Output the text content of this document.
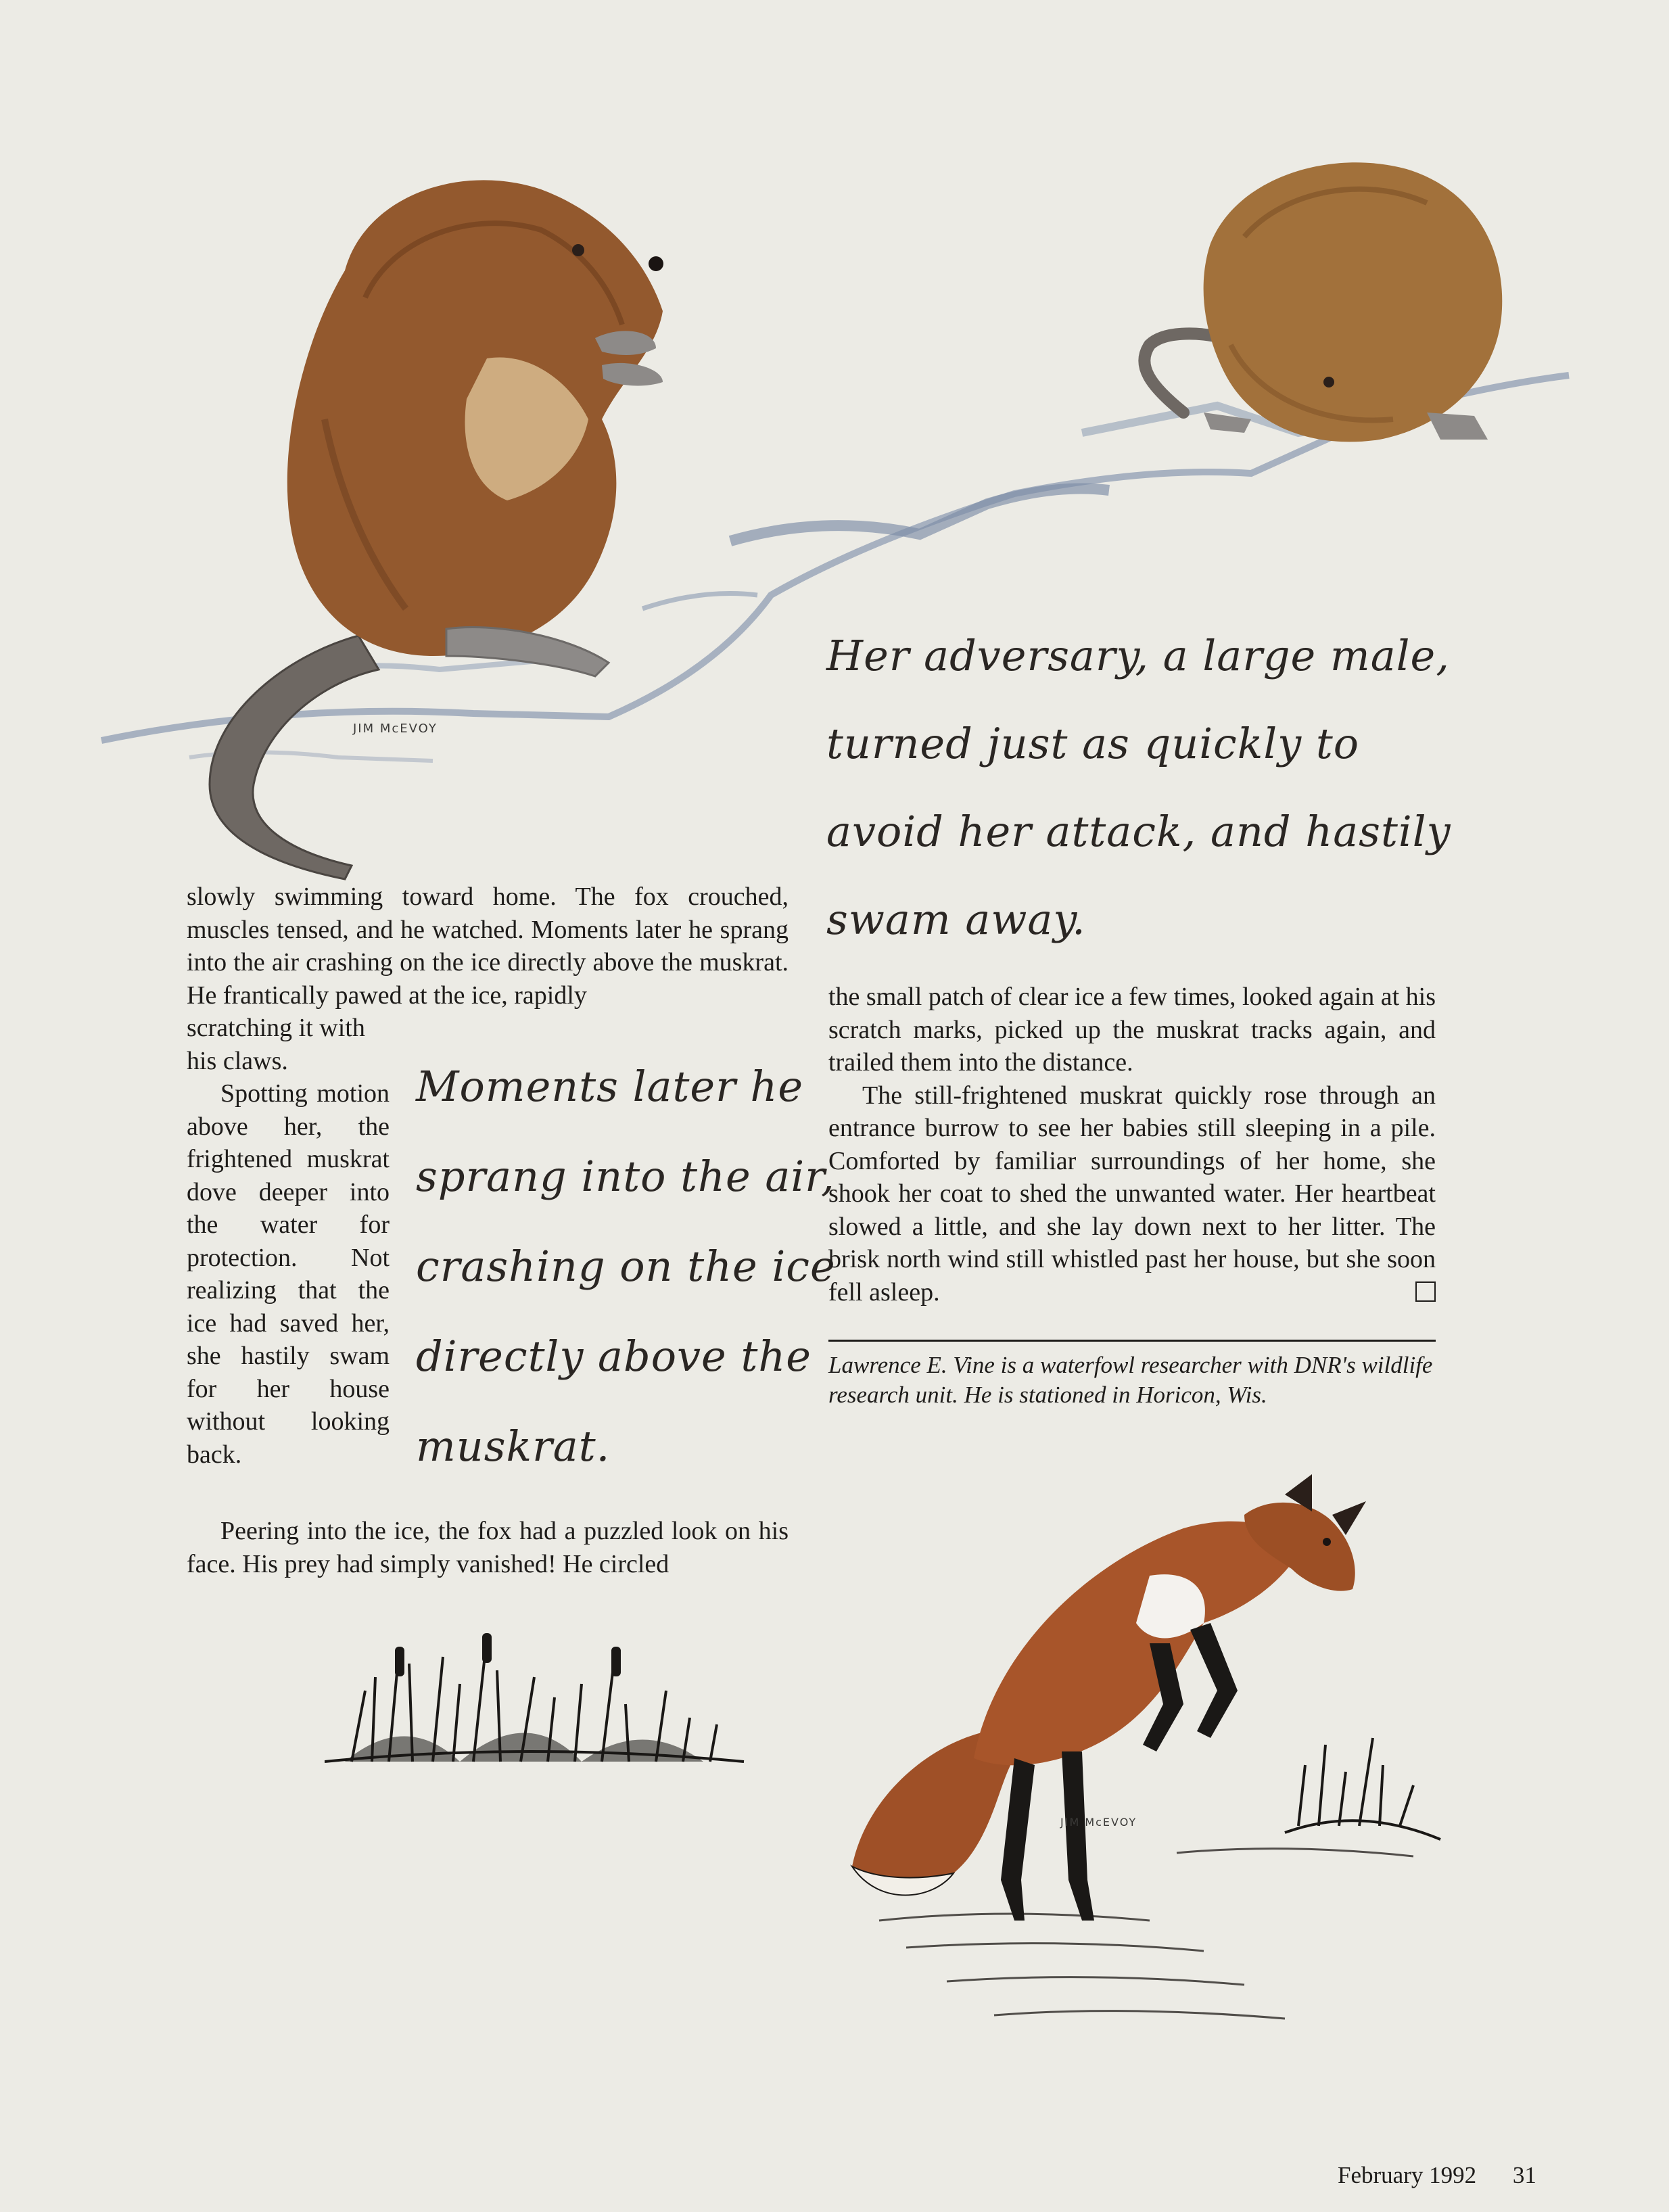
JIM McEVOY
JIM McEVOY

slowly swimming toward home. The fox crouched, muscles tensed, and he watched. Moments later he sprang into the air crashing on the ice directly above the muskrat. He frantically pawed at the ice, rapidly

scratching it with his claws.

Spotting motion above her, the frightened muskrat dove deeper into the water for protection. Not realizing that the ice had saved her, she hastily swam for her house without looking back.

Peering into the ice, the fox had a puzzled look on his face. His prey had simply vanished! He circled

Her adversary, a large male,
turned just as quickly to
avoid her attack, and hastily
swam away.
Moments later he
sprang into the air,
crashing on the ice
directly above the
muskrat.

the small patch of clear ice a few times, looked again at his scratch marks, picked up the muskrat tracks again, and trailed them into the distance.

The still-frightened muskrat quickly rose through an entrance burrow to see her babies still sleeping in a pile. Comforted by familiar surroundings of her home, she shook her coat to shed the unwanted water. Her heartbeat slowed a little, and she lay down next to her litter. The brisk north wind still whistled past her house, but she soon fell asleep.

Lawrence E. Vine is a waterfowl researcher with DNR's wildlife research unit. He is stationed in Horicon, Wis.
February 1992 31
